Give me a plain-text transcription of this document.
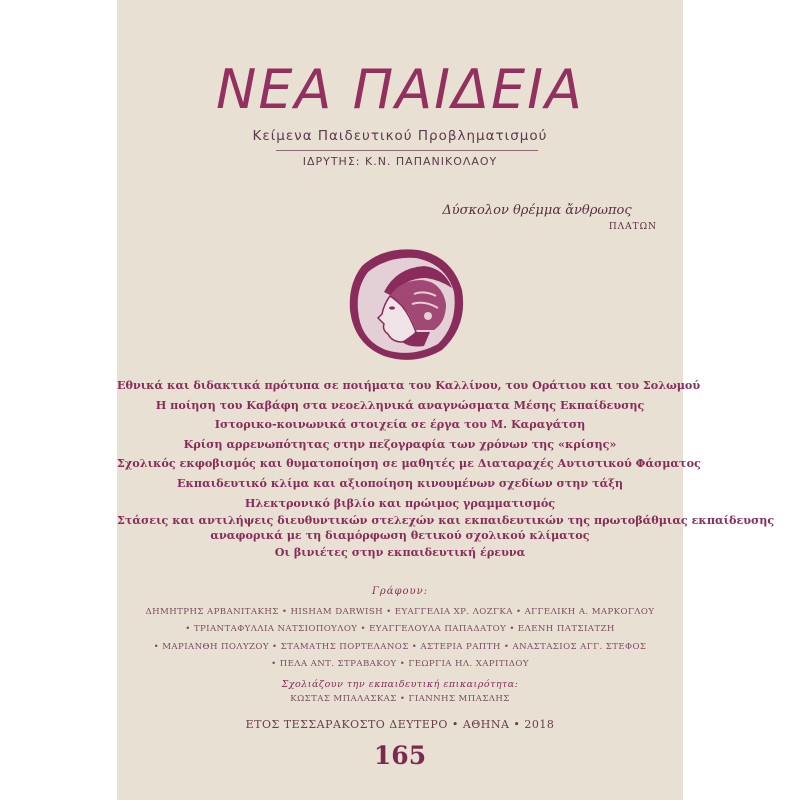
ΝΕΑ ΠΑΙΔΕΙΑ
Κείμενα Παιδευτικού Προβληματισμού
ΙΔΡΥΤΗΣ: Κ.Ν. ΠΑΠΑΝΙΚΟΛΑΟΥ
Δύσκολον θρέμμα ἄνθρωπος
ΠΛΑΤΩΝ
Εθνικά και διδακτικά πρότυπα σε ποιήματα του Καλλίνου, του Οράτιου και του Σολωμού
Η ποίηση του Καβάφη στα νεοελληνικά αναγνώσματα Μέσης Εκπαίδευσης
Ιστορικο-κοινωνικά στοιχεία σε έργα του Μ. Καραγάτση
Κρίση αρρενωπότητας στην πεζογραφία των χρόνων της «κρίσης»
Σχολικός εκφοβισμός και θυματοποίηση σε μαθητές με Διαταραχές Αυτιστικού Φάσματος
Εκπαιδευτικό κλίμα και αξιοποίηση κινουμένων σχεδίων στην τάξη
Ηλεκτρονικό βιβλίο και πρώιμος γραμματισμός
Στάσεις και αντιλήψεις διευθυντικών στελεχών και εκπαιδευτικών της πρωτοβάθμιας εκπαίδευσης
αναφορικά με τη διαμόρφωση θετικού σχολικού κλίματος
Οι βινιέτες στην εκπαιδευτική έρευνα
Γράφουν:
ΔΗΜΗΤΡΗΣ ΑΡΒΑΝΙΤΑΚΗΣ • HISHAM DARWISH • ΕΥΑΓΓΕΛΙΑ ΧΡ. ΛΟΖΓΚΑ • ΑΓΓΕΛΙΚΗ Α. ΜΑΡΚΟΓΛΟΥ
• ΤΡΙΑΝΤΑΦΥΛΛΙΑ ΝΑΤΣΙΟΠΟΥΛΟΥ • ΕΥΑΓΓΕΛΟΥΛΑ ΠΑΠΑΔΑΤΟΥ • ΕΛΕΝΗ ΠΑΤΣΙΑΤΖΗ
• ΜΑΡΙΑΝΘΗ ΠΟΛΥΖΟΥ • ΣΤΑΜΑΤΗΣ ΠΟΡΤΕΛΑΝΟΣ • ΑΣΤΕΡΙΑ ΡΑΠΤΗ • ΑΝΑΣΤΑΣΙΟΣ ΑΓΓ. ΣΤΕΦΟΣ
• ΠΕΛΑ ΑΝΤ. ΣΤΡΑΒΑΚΟΥ • ΓΕΩΡΓΙΑ ΗΛ. ΧΑΡΙΤΙΔΟΥ
Σχολιάζουν την εκπαιδευτική επικαιρότητα:
ΚΩΣΤΑΣ ΜΠΑΛΑΣΚΑΣ • ΓΙΑΝΝΗΣ ΜΠΑΣΛΗΣ
ΕΤΟΣ ΤΕΣΣΑΡΑΚΟΣΤΟ ΔΕΥΤΕΡΟ • ΑΘΗΝΑ • 2018
165
